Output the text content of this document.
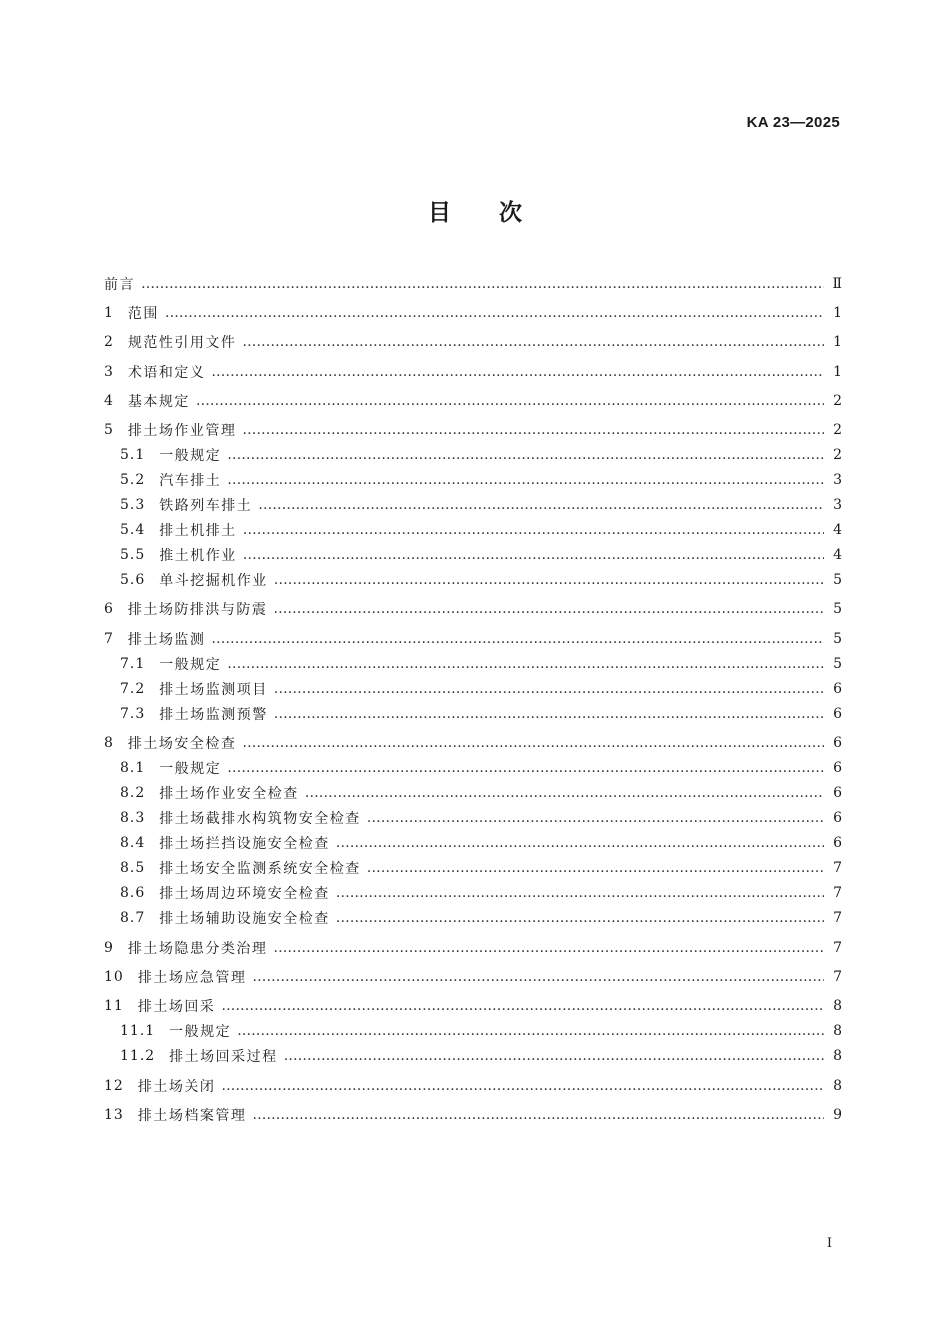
KA 23—2025
目次
前言 ……………………………………………………………………………………………………………………………………………………………………………………………………………………………………………………………………………………………………	Ⅱ
1 范围 ……………………………………………………………………………………………………………………………………………………………………………………………………………………………………………………………………………………………………	1
2 规范性引用文件 ……………………………………………………………………………………………………………………………………………………………………………………………………………………………………………………………………………………………………	1
3 术语和定义 ……………………………………………………………………………………………………………………………………………………………………………………………………………………………………………………………………………………………………	1
4 基本规定 ……………………………………………………………………………………………………………………………………………………………………………………………………………………………………………………………………………………………………	2
5 排土场作业管理 ……………………………………………………………………………………………………………………………………………………………………………………………………………………………………………………………………………………………………	2
5.1 一般规定 ……………………………………………………………………………………………………………………………………………………………………………………………………………………………………………………………………………………………………	2
5.2 汽车排土 ……………………………………………………………………………………………………………………………………………………………………………………………………………………………………………………………………………………………………	3
5.3 铁路列车排土 ……………………………………………………………………………………………………………………………………………………………………………………………………………………………………………………………………………………………………	3
5.4 排土机排土 ……………………………………………………………………………………………………………………………………………………………………………………………………………………………………………………………………………………………………	4
5.5 推土机作业 ……………………………………………………………………………………………………………………………………………………………………………………………………………………………………………………………………………………………………	4
5.6 单斗挖掘机作业 ……………………………………………………………………………………………………………………………………………………………………………………………………………………………………………………………………………………………………	5
6 排土场防排洪与防震 ……………………………………………………………………………………………………………………………………………………………………………………………………………………………………………………………………………………………………	5
7 排土场监测 ……………………………………………………………………………………………………………………………………………………………………………………………………………………………………………………………………………………………………	5
7.1 一般规定 ……………………………………………………………………………………………………………………………………………………………………………………………………………………………………………………………………………………………………	5
7.2 排土场监测项目 ……………………………………………………………………………………………………………………………………………………………………………………………………………………………………………………………………………………………………	6
7.3 排土场监测预警 ……………………………………………………………………………………………………………………………………………………………………………………………………………………………………………………………………………………………………	6
8 排土场安全检查 ……………………………………………………………………………………………………………………………………………………………………………………………………………………………………………………………………………………………………	6
8.1 一般规定 ……………………………………………………………………………………………………………………………………………………………………………………………………………………………………………………………………………………………………	6
8.2 排土场作业安全检查 ……………………………………………………………………………………………………………………………………………………………………………………………………………………………………………………………………………………………………	6
8.3 排土场截排水构筑物安全检查 ……………………………………………………………………………………………………………………………………………………………………………………………………………………………………………………………………………………………………	6
8.4 排土场拦挡设施安全检查 ……………………………………………………………………………………………………………………………………………………………………………………………………………………………………………………………………………………………………	6
8.5 排土场安全监测系统安全检查 ……………………………………………………………………………………………………………………………………………………………………………………………………………………………………………………………………………………………………	7
8.6 排土场周边环境安全检查 ……………………………………………………………………………………………………………………………………………………………………………………………………………………………………………………………………………………………………	7
8.7 排土场辅助设施安全检查 ……………………………………………………………………………………………………………………………………………………………………………………………………………………………………………………………………………………………………	7
9 排土场隐患分类治理 ……………………………………………………………………………………………………………………………………………………………………………………………………………………………………………………………………………………………………	7
10 排土场应急管理 ……………………………………………………………………………………………………………………………………………………………………………………………………………………………………………………………………………………………………	7
11 排土场回采 ……………………………………………………………………………………………………………………………………………………………………………………………………………………………………………………………………………………………………	8
11.1 一般规定 ……………………………………………………………………………………………………………………………………………………………………………………………………………………………………………………………………………………………………	8
11.2 排土场回采过程 ……………………………………………………………………………………………………………………………………………………………………………………………………………………………………………………………………………………………………	8
12 排土场关闭 ……………………………………………………………………………………………………………………………………………………………………………………………………………………………………………………………………………………………………	8
13 排土场档案管理 ……………………………………………………………………………………………………………………………………………………………………………………………………………………………………………………………………………………………………	9
I
